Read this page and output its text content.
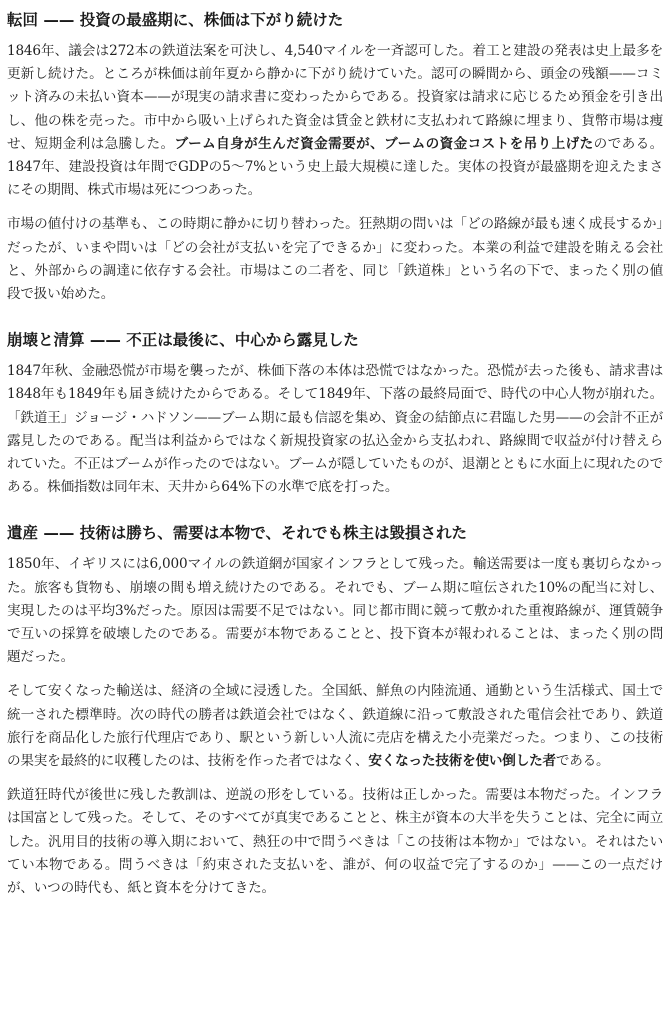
転回 —— 投資の最盛期に、株価は下がり続けた

1846年、議会は272本の鉄道法案を可決し、4,540マイルを一斉認可した。着工と建設の発表は史上最多を更新し続けた。ところが株価は前年夏から静かに下がり続けていた。認可の瞬間から、頭金の残額——コミット済みの未払い資本——が現実の請求書に変わったからである。投資家は請求に応じるため預金を引き出し、他の株を売った。市中から吸い上げられた資金は賃金と鉄材に支払われて路線に埋まり、貨幣市場は痩せ、短期金利は急騰した。ブーム自身が生んだ資金需要が、ブームの資金コストを吊り上げたのである。1847年、建設投資は年間でGDPの5〜7%という史上最大規模に達した。実体の投資が最盛期を迎えたまさにその期間、株式市場は死につつあった。

市場の値付けの基準も、この時期に静かに切り替わった。狂熱期の問いは「どの路線が最も速く成長するか」だったが、いまや問いは「どの会社が支払いを完了できるか」に変わった。本業の利益で建設を賄える会社と、外部からの調達に依存する会社。市場はこの二者を、同じ「鉄道株」という名の下で、まったく別の値段で扱い始めた。

崩壊と清算 —— 不正は最後に、中心から露見した

1847年秋、金融恐慌が市場を襲ったが、株価下落の本体は恐慌ではなかった。恐慌が去った後も、請求書は1848年も1849年も届き続けたからである。そして1849年、下落の最終局面で、時代の中心人物が崩れた。「鉄道王」ジョージ・ハドソン——ブーム期に最も信認を集め、資金の結節点に君臨した男——の会計不正が露見したのである。配当は利益からではなく新規投資家の払込金から支払われ、路線間で収益が付け替えられていた。不正はブームが作ったのではない。ブームが隠していたものが、退潮とともに水面上に現れたのである。株価指数は同年末、天井から64%下の水準で底を打った。

遺産 —— 技術は勝ち、需要は本物で、それでも株主は毀損された

1850年、イギリスには6,000マイルの鉄道網が国家インフラとして残った。輸送需要は一度も裏切らなかった。旅客も貨物も、崩壊の間も増え続けたのである。それでも、ブーム期に喧伝された10%の配当に対し、実現したのは平均3%だった。原因は需要不足ではない。同じ都市間に競って敷かれた重複路線が、運賃競争で互いの採算を破壊したのである。需要が本物であることと、投下資本が報われることは、まったく別の問題だった。

そして安くなった輸送は、経済の全域に浸透した。全国紙、鮮魚の内陸流通、通勤という生活様式、国土で統一された標準時。次の時代の勝者は鉄道会社ではなく、鉄道線に沿って敷設された電信会社であり、鉄道旅行を商品化した旅行代理店であり、駅という新しい人流に売店を構えた小売業だった。つまり、この技術の果実を最終的に収穫したのは、技術を作った者ではなく、安くなった技術を使い倒した者である。

鉄道狂時代が後世に残した教訓は、逆説の形をしている。技術は正しかった。需要は本物だった。インフラは国富として残った。そして、そのすべてが真実であることと、株主が資本の大半を失うことは、完全に両立した。汎用目的技術の導入期において、熱狂の中で問うべきは「この技術は本物か」ではない。それはたいてい本物である。問うべきは「約束された支払いを、誰が、何の収益で完了するのか」——この一点だけが、いつの時代も、紙と資本を分けてきた。
